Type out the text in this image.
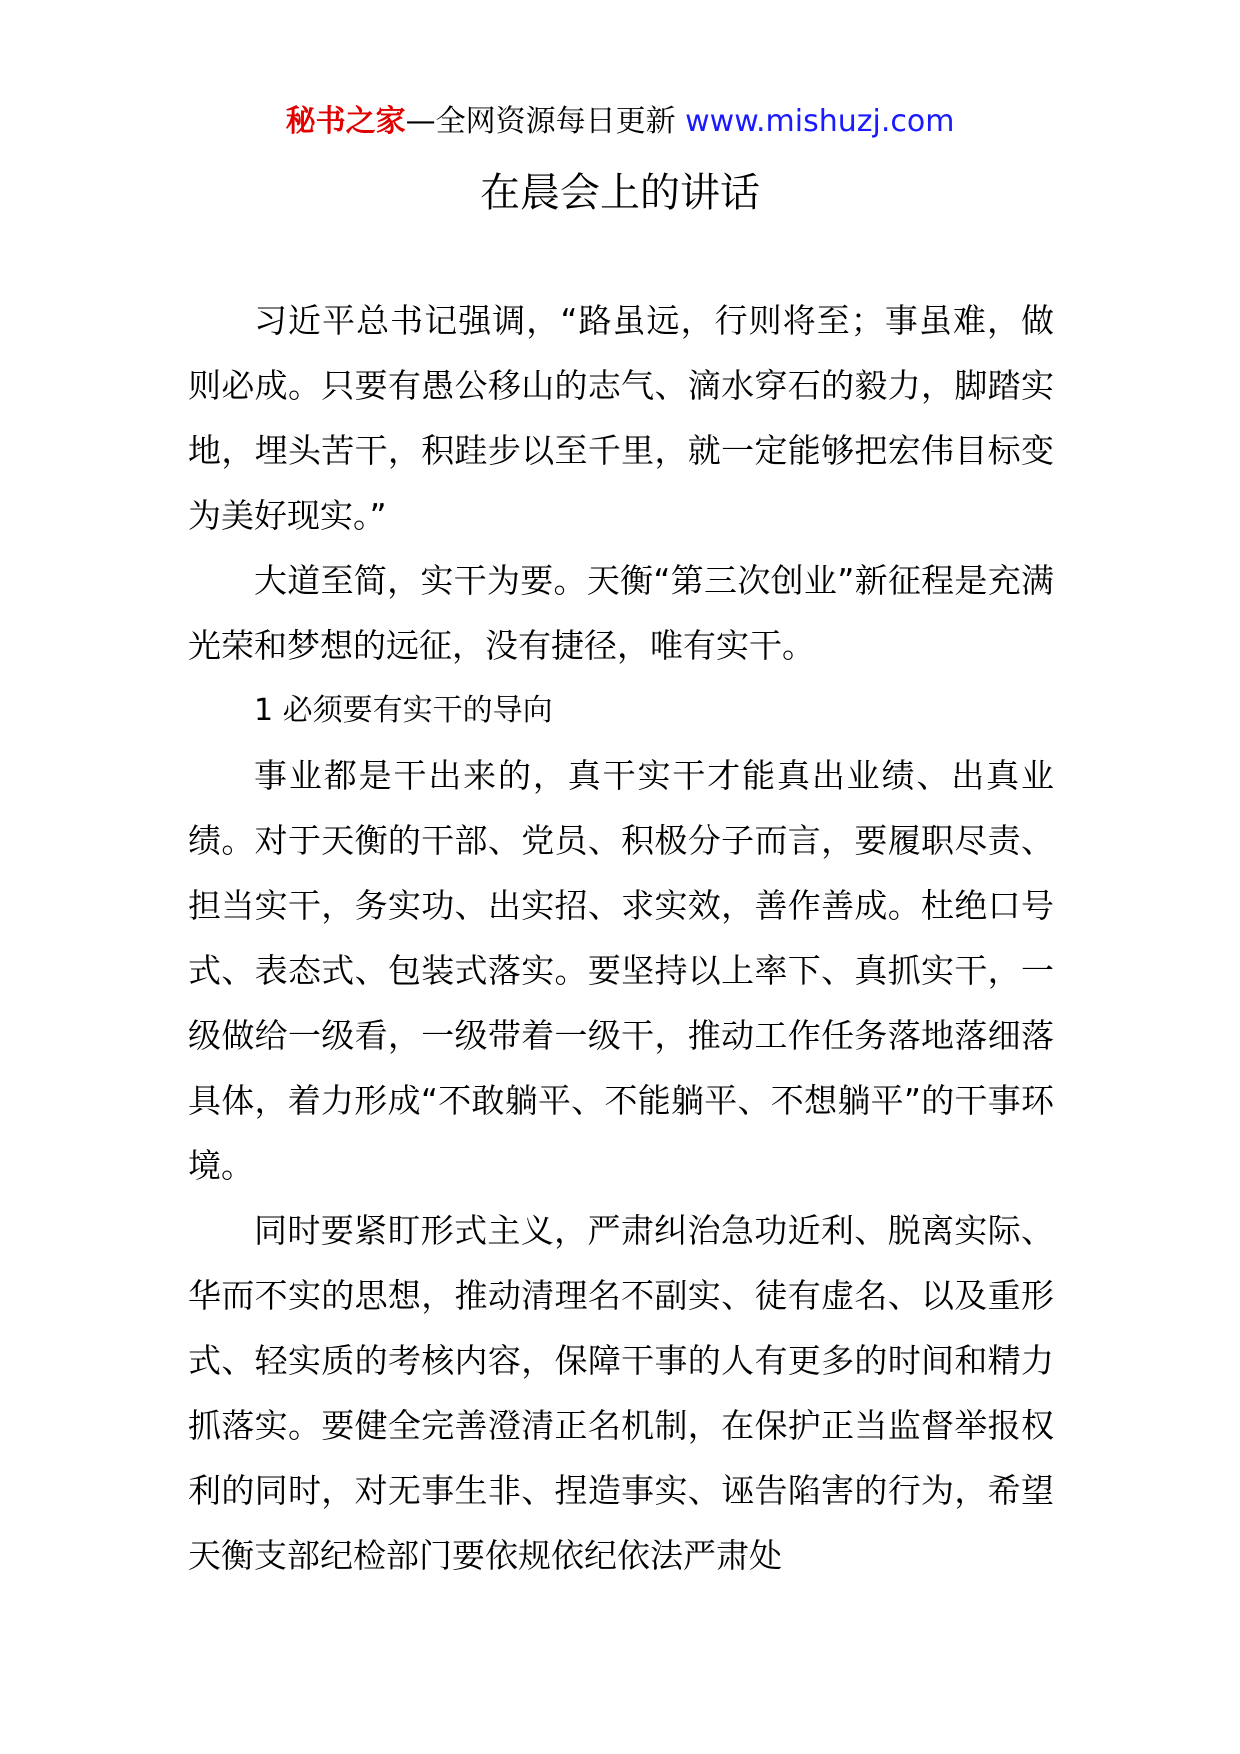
秘书之家—全网资源每日更新 www.mishuzj.com
在晨会上的讲话

习近平总书记强调，“路虽远，行则将至；事虽难，做则必成。只要有愚公移山的志气、滴水穿石的毅力，脚踏实地，埋头苦干，积跬步以至千里，就一定能够把宏伟目标变为美好现实。”

大道至简，实干为要。天衡“第三次创业”新征程是充满光荣和梦想的远征，没有捷径，唯有实干。

1 必须要有实干的导向

事业都是干出来的，真干实干才能真出业绩、出真业绩。对于天衡的干部、党员、积极分子而言，要履职尽责、担当实干，务实功、出实招、求实效，善作善成。杜绝口号式、表态式、包装式落实。要坚持以上率下、真抓实干，一级做给一级看，一级带着一级干，推动工作任务落地落细落具体，着力形成“不敢躺平、不能躺平、不想躺平”的干事环境。

同时要紧盯形式主义，严肃纠治急功近利、脱离实际、华而不实的思想，推动清理名不副实、徒有虚名、以及重形式、轻实质的考核内容，保障干事的人有更多的时间和精力抓落实。要健全完善澄清正名机制，在保护正当监督举报权利的同时，对无事生非、捏造事实、诬告陷害的行为，希望天衡支部纪检部门要依规依纪依法严肃处
